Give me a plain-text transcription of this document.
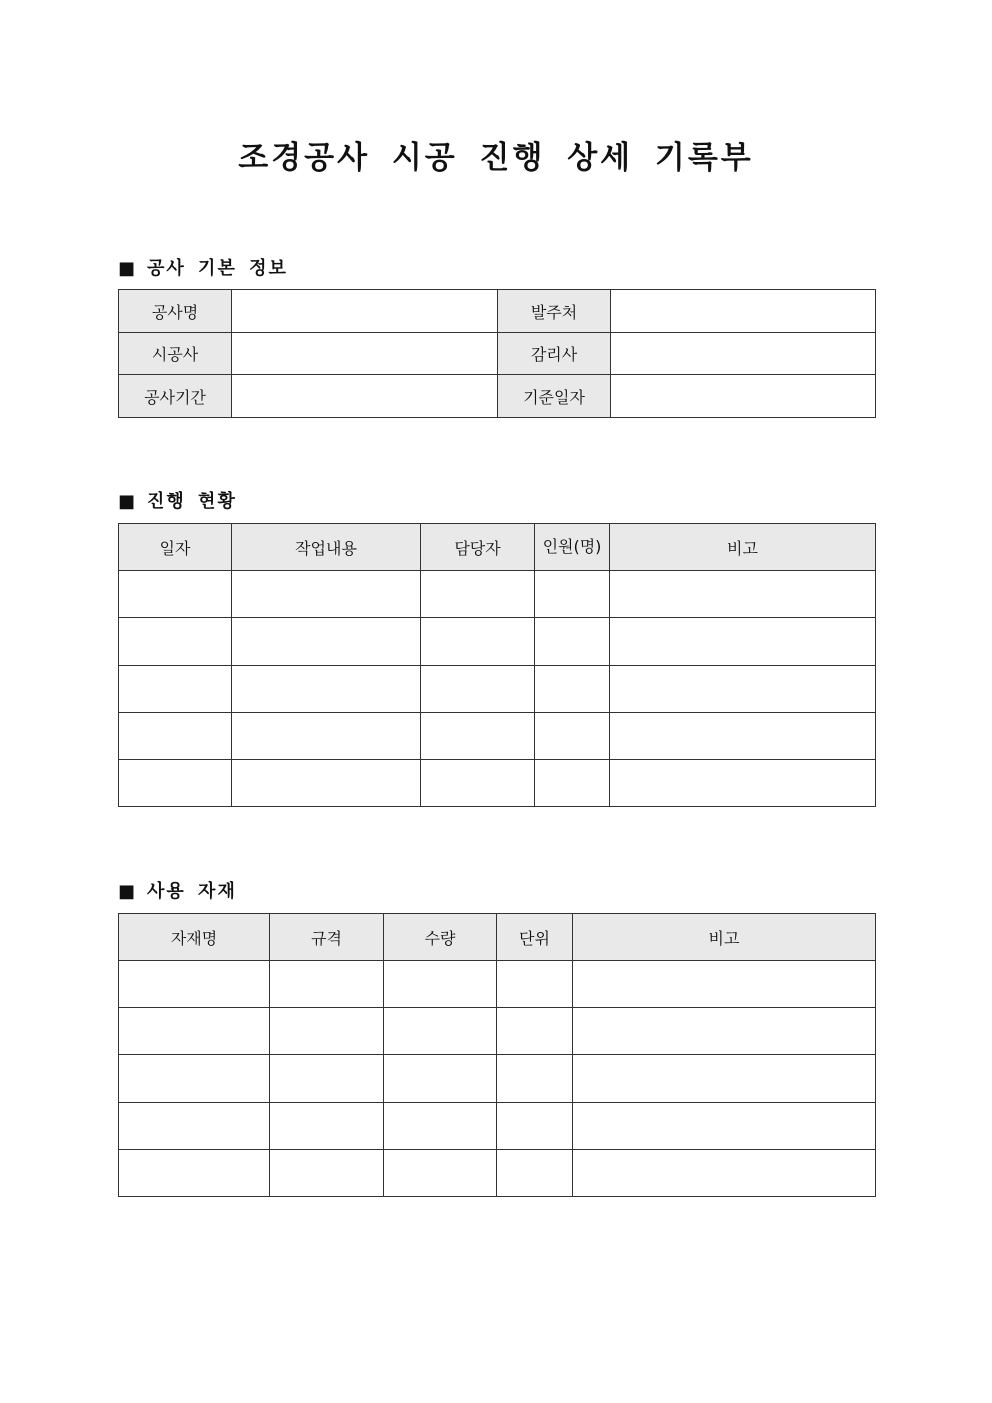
조경공사 시공 진행 상세 기록부
■ 공사 기본 정보
공사명		발주처	
시공사		감리사	
공사기간		기준일자	
■ 진행 현황
일자	작업내용	담당자	인원(명)	비고

■ 사용 자재
자재명	규격	수량	단위	비고
